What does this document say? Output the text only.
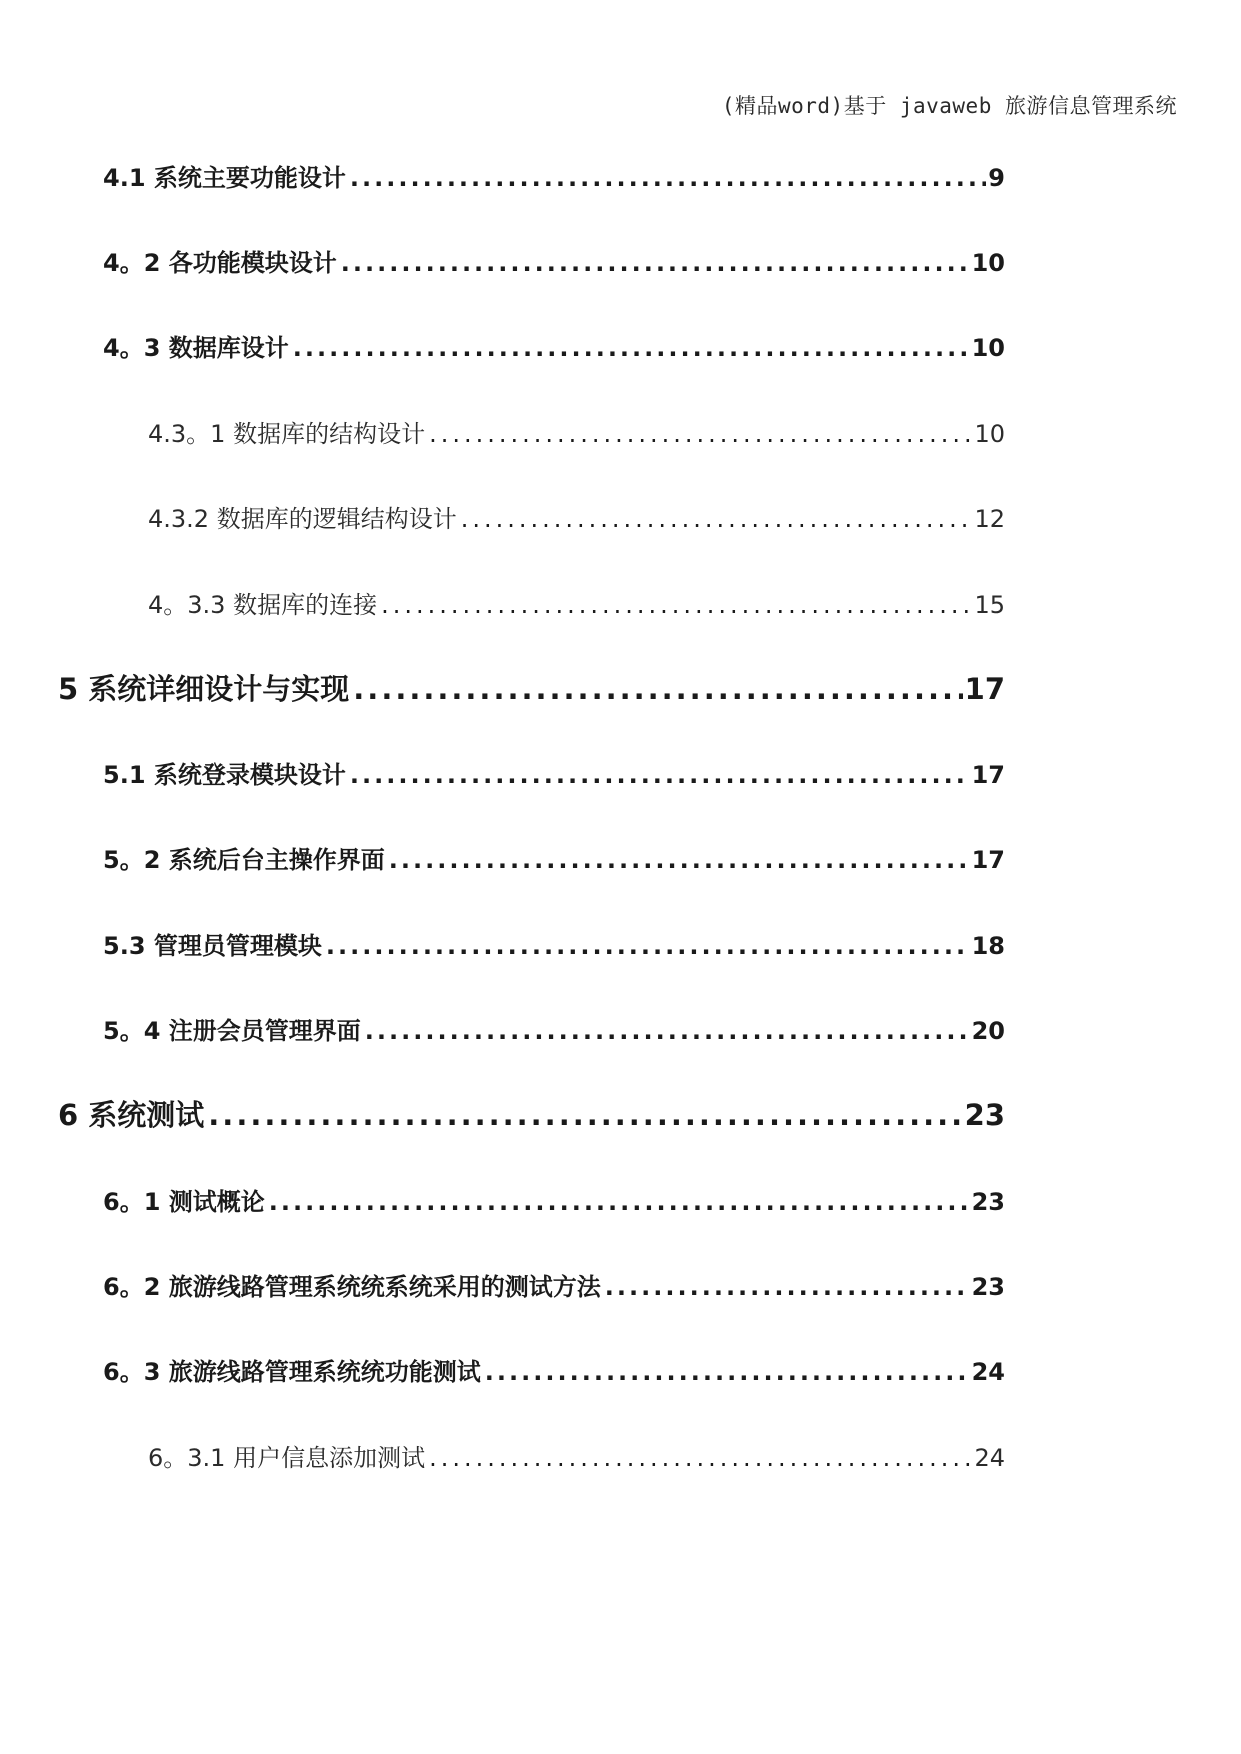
(精品word)基于 javaweb 旅游信息管理系统
4.1 系统主要功能设计 .....	9
4。2 各功能模块设计 .....	10
4。3 数据库设计 .....	10
4.3。1 数据库的结构设计 .....	10
4.3.2 数据库的逻辑结构设计 .....	12
4。3.3 数据库的连接 .....	15
5 系统详细设计与实现 .....	17
5.1 系统登录模块设计 .....	17
5。2 系统后台主操作界面 .....	17
5.3 管理员管理模块 .....	18
5。4 注册会员管理界面 .....	20
6 系统测试 .....	23
6。1 测试概论 .....	23
6。2 旅游线路管理系统统系统采用的测试方法 .....	23
6。3 旅游线路管理系统统功能测试 .....	24
6。3.1 用户信息添加测试 .....	24
